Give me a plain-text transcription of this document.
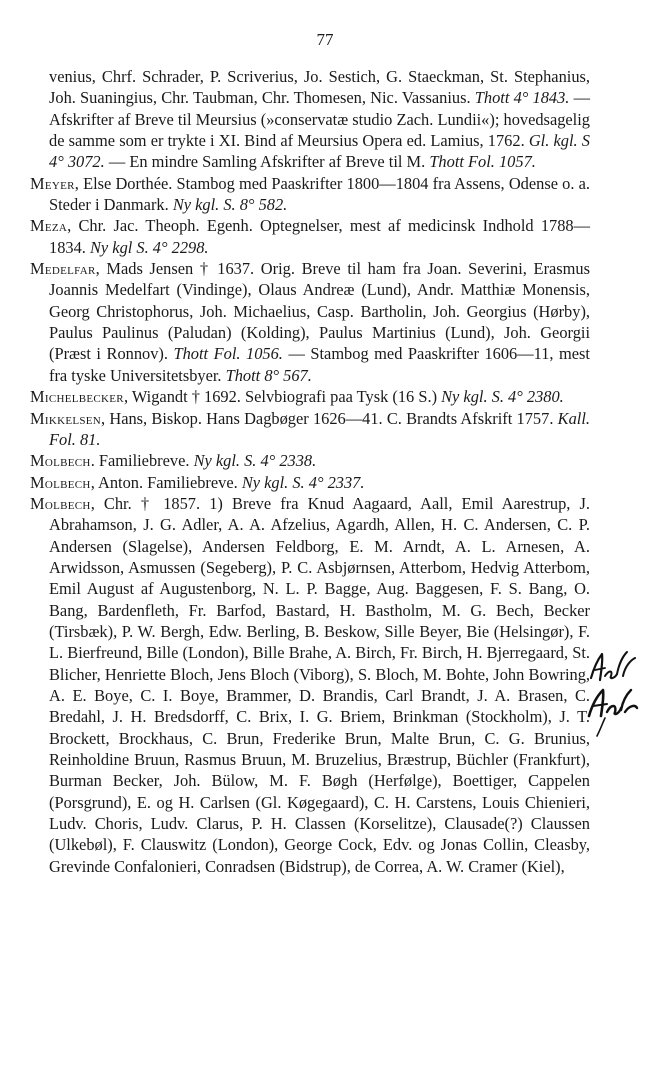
77

venius, Chrf. Schrader, P. Scriverius, Jo. Sestich, G. Staeckman, St. Stephanius, Joh. Suaningius, Chr. Taubman, Chr. Thomesen, Nic. Vassanius. Thott 4° 1843. — Afskrifter af Breve til Meursius (»conservatæ studio Zach. Lundii«); hovedsagelig de samme som er trykte i XI. Bind af Meursius Opera ed. Lamius, 1762. Gl. kgl. S 4° 3072. — En mindre Samling Afskrifter af Breve til M. Thott Fol. 1057.

Meyer, Else Dorthée. Stambog med Paaskrifter 1800—1804 fra Assens, Odense o. a. Steder i Danmark. Ny kgl. S. 8° 582.

Meza, Chr. Jac. Theoph. Egenh. Optegnelser, mest af medicinsk Indhold 1788—1834. Ny kgl S. 4° 2298.

Medelfar, Mads Jensen † 1637. Orig. Breve til ham fra Joan. Severini, Erasmus Joannis Medelfart (Vindinge), Olaus Andreæ (Lund), Andr. Matthiæ Monensis, Georg Christophorus, Joh. Michaelius, Casp. Bartholin, Joh. Georgius (Hørby), Paulus Paulinus (Paludan) (Kolding), Paulus Martinius (Lund), Joh. Georgii (Præst i Ronnov). Thott Fol. 1056. — Stambog med Paaskrifter 1606—11, mest fra tyske Universitetsbyer. Thott 8° 567.

Michelbecker, Wigandt † 1692. Selvbiografi paa Tysk (16 S.) Ny kgl. S. 4° 2380.

Mikkelsen, Hans, Biskop. Hans Dagbøger 1626—41. C. Brandts Afskrift 1757. Kall. Fol. 81.

Molbech. Familiebreve. Ny kgl. S. 4° 2338.

Molbech, Anton. Familiebreve. Ny kgl. S. 4° 2337.

Molbech, Chr. † 1857. 1) Breve fra Knud Aagaard, Aall, Emil Aarestrup, J. Abrahamson, J. G. Adler, A. A. Afzelius, Agardh, Allen, H. C. Andersen, C. P. Andersen (Slagelse), Andersen Feldborg, E. M. Arndt, A. L. Arnesen, A. Arwidsson, Asmussen (Segeberg), P. C. Asbjørnsen, Atterbom, Hedvig Atterbom, Emil August af Augustenborg, N. L. P. Bagge, Aug. Baggesen, F. S. Bang, O. Bang, Bardenfleth, Fr. Barfod, Bastard, H. Bastholm, M. G. Bech, Becker (Tirsbæk), P. W. Bergh, Edw. Berling, B. Beskow, Sille Beyer, Bie (Helsingør), F. L. Bierfreund, Bille (London), Bille Brahe, A. Birch, Fr. Birch, H. Bjerregaard, St. Blicher, Henriette Bloch, Jens Bloch (Viborg), S. Bloch, M. Bohte, John Bowring, A. E. Boye, C. I. Boye, Brammer, D. Brandis, Carl Brandt, J. A. Brasen, C. Bredahl, J. H. Bredsdorff, C. Brix, I. G. Briem, Brinkman (Stockholm), J. T. Brockett, Brockhaus, C. Brun, Frederike Brun, Malte Brun, C. G. Brunius, Reinholdine Bruun, Rasmus Bruun, M. Bruzelius, Bræstrup, Büchler (Frankfurt), Burman Becker, Joh. Bülow, M. F. Bøgh (Herfølge), Boettiger, Cappelen (Porsgrund), E. og H. Carlsen (Gl. Køgegaard), C. H. Carstens, Louis Chienieri, Ludv. Choris, Ludv. Clarus, P. H. Classen (Korselitze), Clausade(?) Claussen (Ulkebøl), F. Clauswitz (London), George Cock, Edv. og Jonas Collin, Cleasby, Grevinde Confalonieri, Conradsen (Bidstrup), de Correa, A. W. Cramer (Kiel),
